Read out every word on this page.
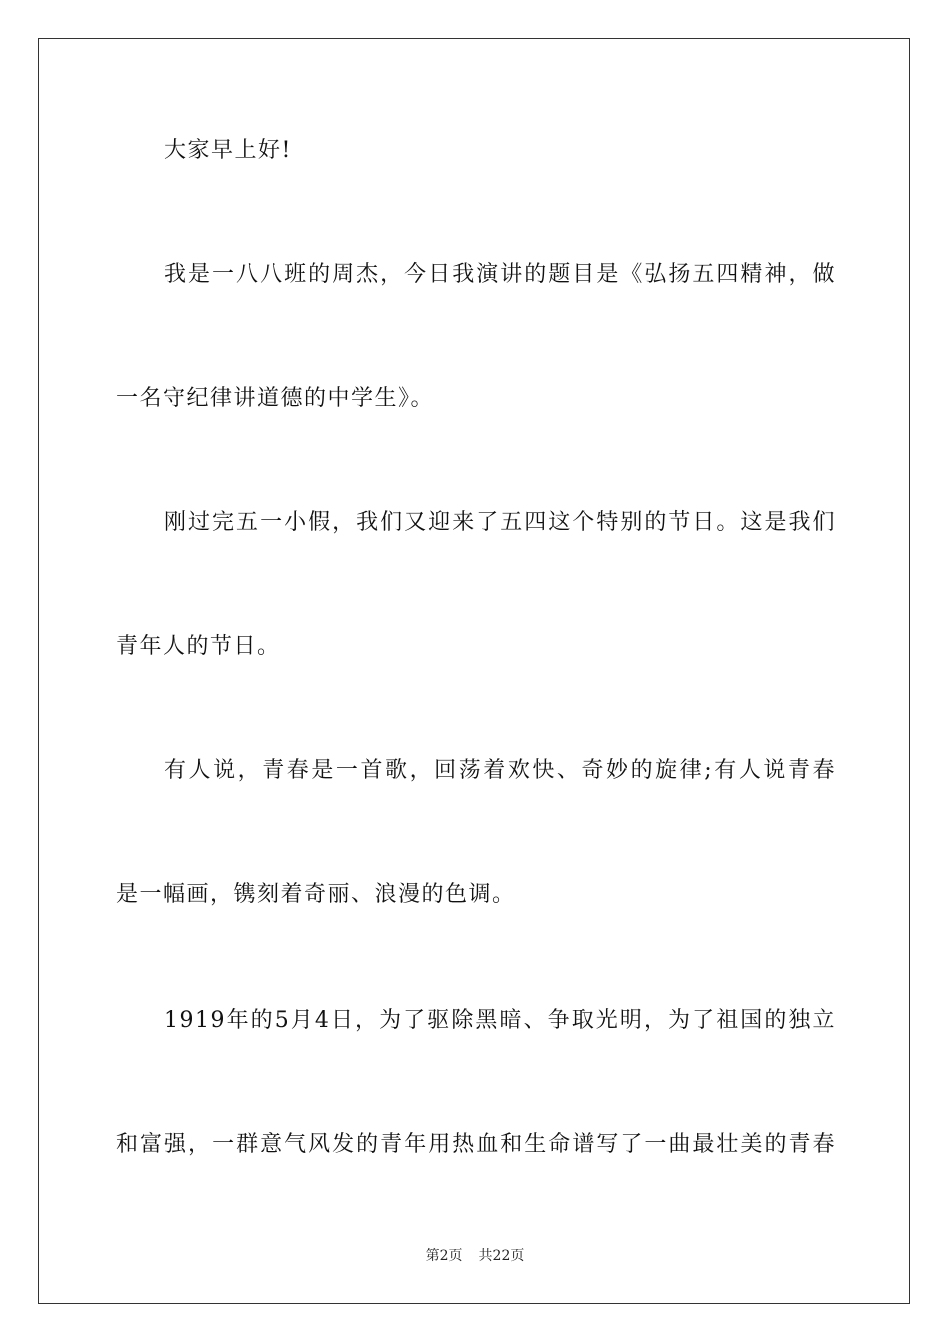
大家早上好!
我是一八八班的周杰，今日我演讲的题目是《弘扬五四精神，做
一名守纪律讲道德的中学生》。
刚过完五一小假，我们又迎来了五四这个特别的节日。这是我们
青年人的节日。
有人说，青春是一首歌，回荡着欢快、奇妙的旋律;有人说青春
是一幅画，镌刻着奇丽、浪漫的色调。
1919年的5月4日，为了驱除黑暗、争取光明，为了祖国的独立
和富强，一群意气风发的青年用热血和生命谱写了一曲最壮美的青春
第2页 共22页
